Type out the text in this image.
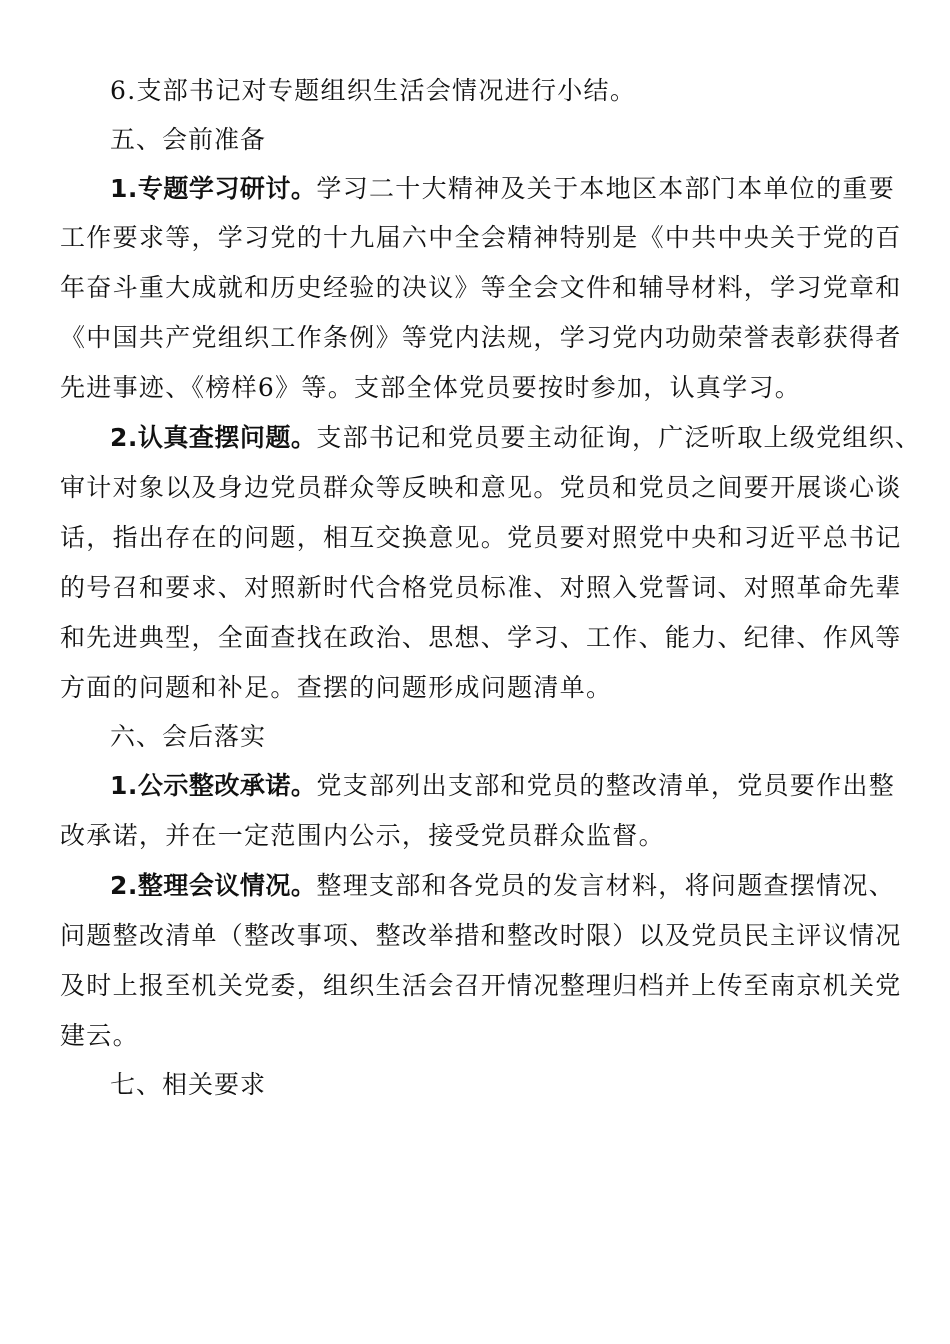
6.支部书记对专题组织生活会情况进行小结。
五、会前准备
1.专题学习研讨。学习二十大精神及关于本地区本部门本单位的重要
工作要求等，学习党的十九届六中全会精神特别是《中共中央关于党的百
年奋斗重大成就和历史经验的决议》等全会文件和辅导材料，学习党章和
《中国共产党组织工作条例》等党内法规，学习党内功勋荣誉表彰获得者
先进事迹、《榜样6》等。支部全体党员要按时参加，认真学习。
2.认真查摆问题。支部书记和党员要主动征询，广泛听取上级党组织、
审计对象以及身边党员群众等反映和意见。党员和党员之间要开展谈心谈
话，指出存在的问题，相互交换意见。党员要对照党中央和习近平总书记
的号召和要求、对照新时代合格党员标准、对照入党誓词、对照革命先辈
和先进典型，全面查找在政治、思想、学习、工作、能力、纪律、作风等
方面的问题和补足。查摆的问题形成问题清单。
六、会后落实
1.公示整改承诺。党支部列出支部和党员的整改清单，党员要作出整
改承诺，并在一定范围内公示，接受党员群众监督。
2.整理会议情况。整理支部和各党员的发言材料，将问题查摆情况、
问题整改清单（整改事项、整改举措和整改时限）以及党员民主评议情况
及时上报至机关党委，组织生活会召开情况整理归档并上传至南京机关党
建云。
七、相关要求
